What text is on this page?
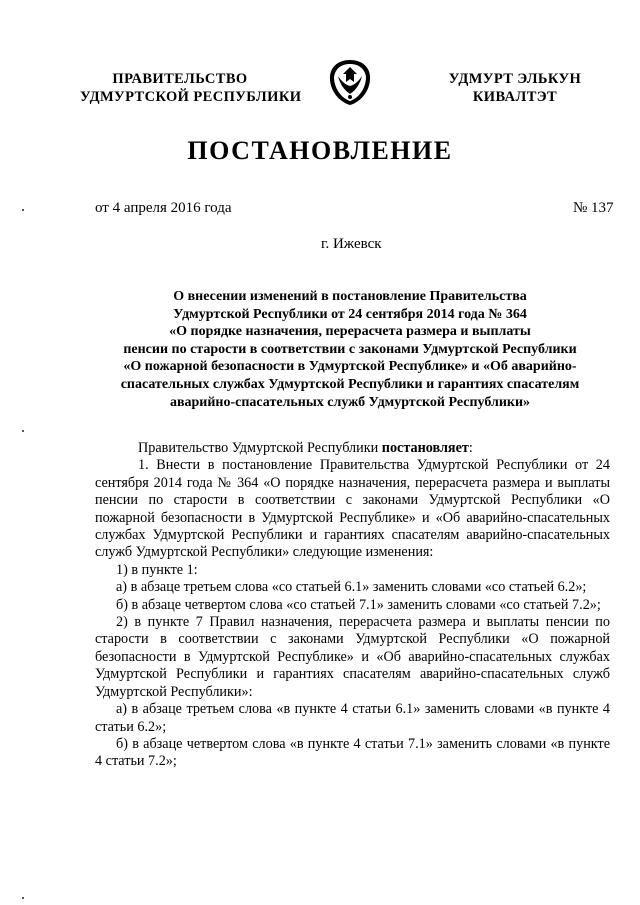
ПРАВИТЕЛЬСТВО
УДМУРТСКОЙ РЕСПУБЛИКИ
УДМУРТ ЭЛЬКУН
КИВАЛТЭТ
ПОСТАНОВЛЕНИЕ
от 4 апреля 2016 года	№ 137
г. Ижевск
О внесении изменений в постановление Правительства
Удмуртской Республики от 24 сентября 2014 года № 364
«О порядке назначения, перерасчета размера и выплаты
пенсии по старости в соответствии с законами Удмуртской Республики
«О пожарной безопасности в Удмуртской Республике» и «Об аварийно-
спасательных службах Удмуртской Республики и гарантиях спасателям
аварийно-спасательных служб Удмуртской Республики»

Правительство Удмуртской Республики постановляет:

1. Внести в постановление Правительства Удмуртской Республики от 24 сентября 2014 года № 364 «О порядке назначения, перерасчета размера и выплаты пенсии по старости в соответствии с законами Удмуртской Республики «О пожарной безопасности в Удмуртской Республике» и «Об аварийно-спасательных службах Удмуртской Республики и гарантиях спасателям аварийно-спасательных служб Удмуртской Республики» следующие изменения:

1) в пункте 1:

а) в абзаце третьем слова «со статьей 6.1» заменить словами «со статьей 6.2»;

б) в абзаце четвертом слова «со статьей 7.1» заменить словами «со статьей 7.2»;

2) в пункте 7 Правил назначения, перерасчета размера и выплаты пенсии по старости в соответствии с законами Удмуртской Республики «О пожарной безопасности в Удмуртской Республике» и «Об аварийно-спасательных службах Удмуртской Республики и гарантиях спасателям аварийно-спасательных служб Удмуртской Республики»:

а) в абзаце третьем слова «в пункте 4 статьи 6.1» заменить словами «в пункте 4 статьи 6.2»;

б) в абзаце четвертом слова «в пункте 4 статьи 7.1» заменить словами «в пункте 4 статьи 7.2»;
